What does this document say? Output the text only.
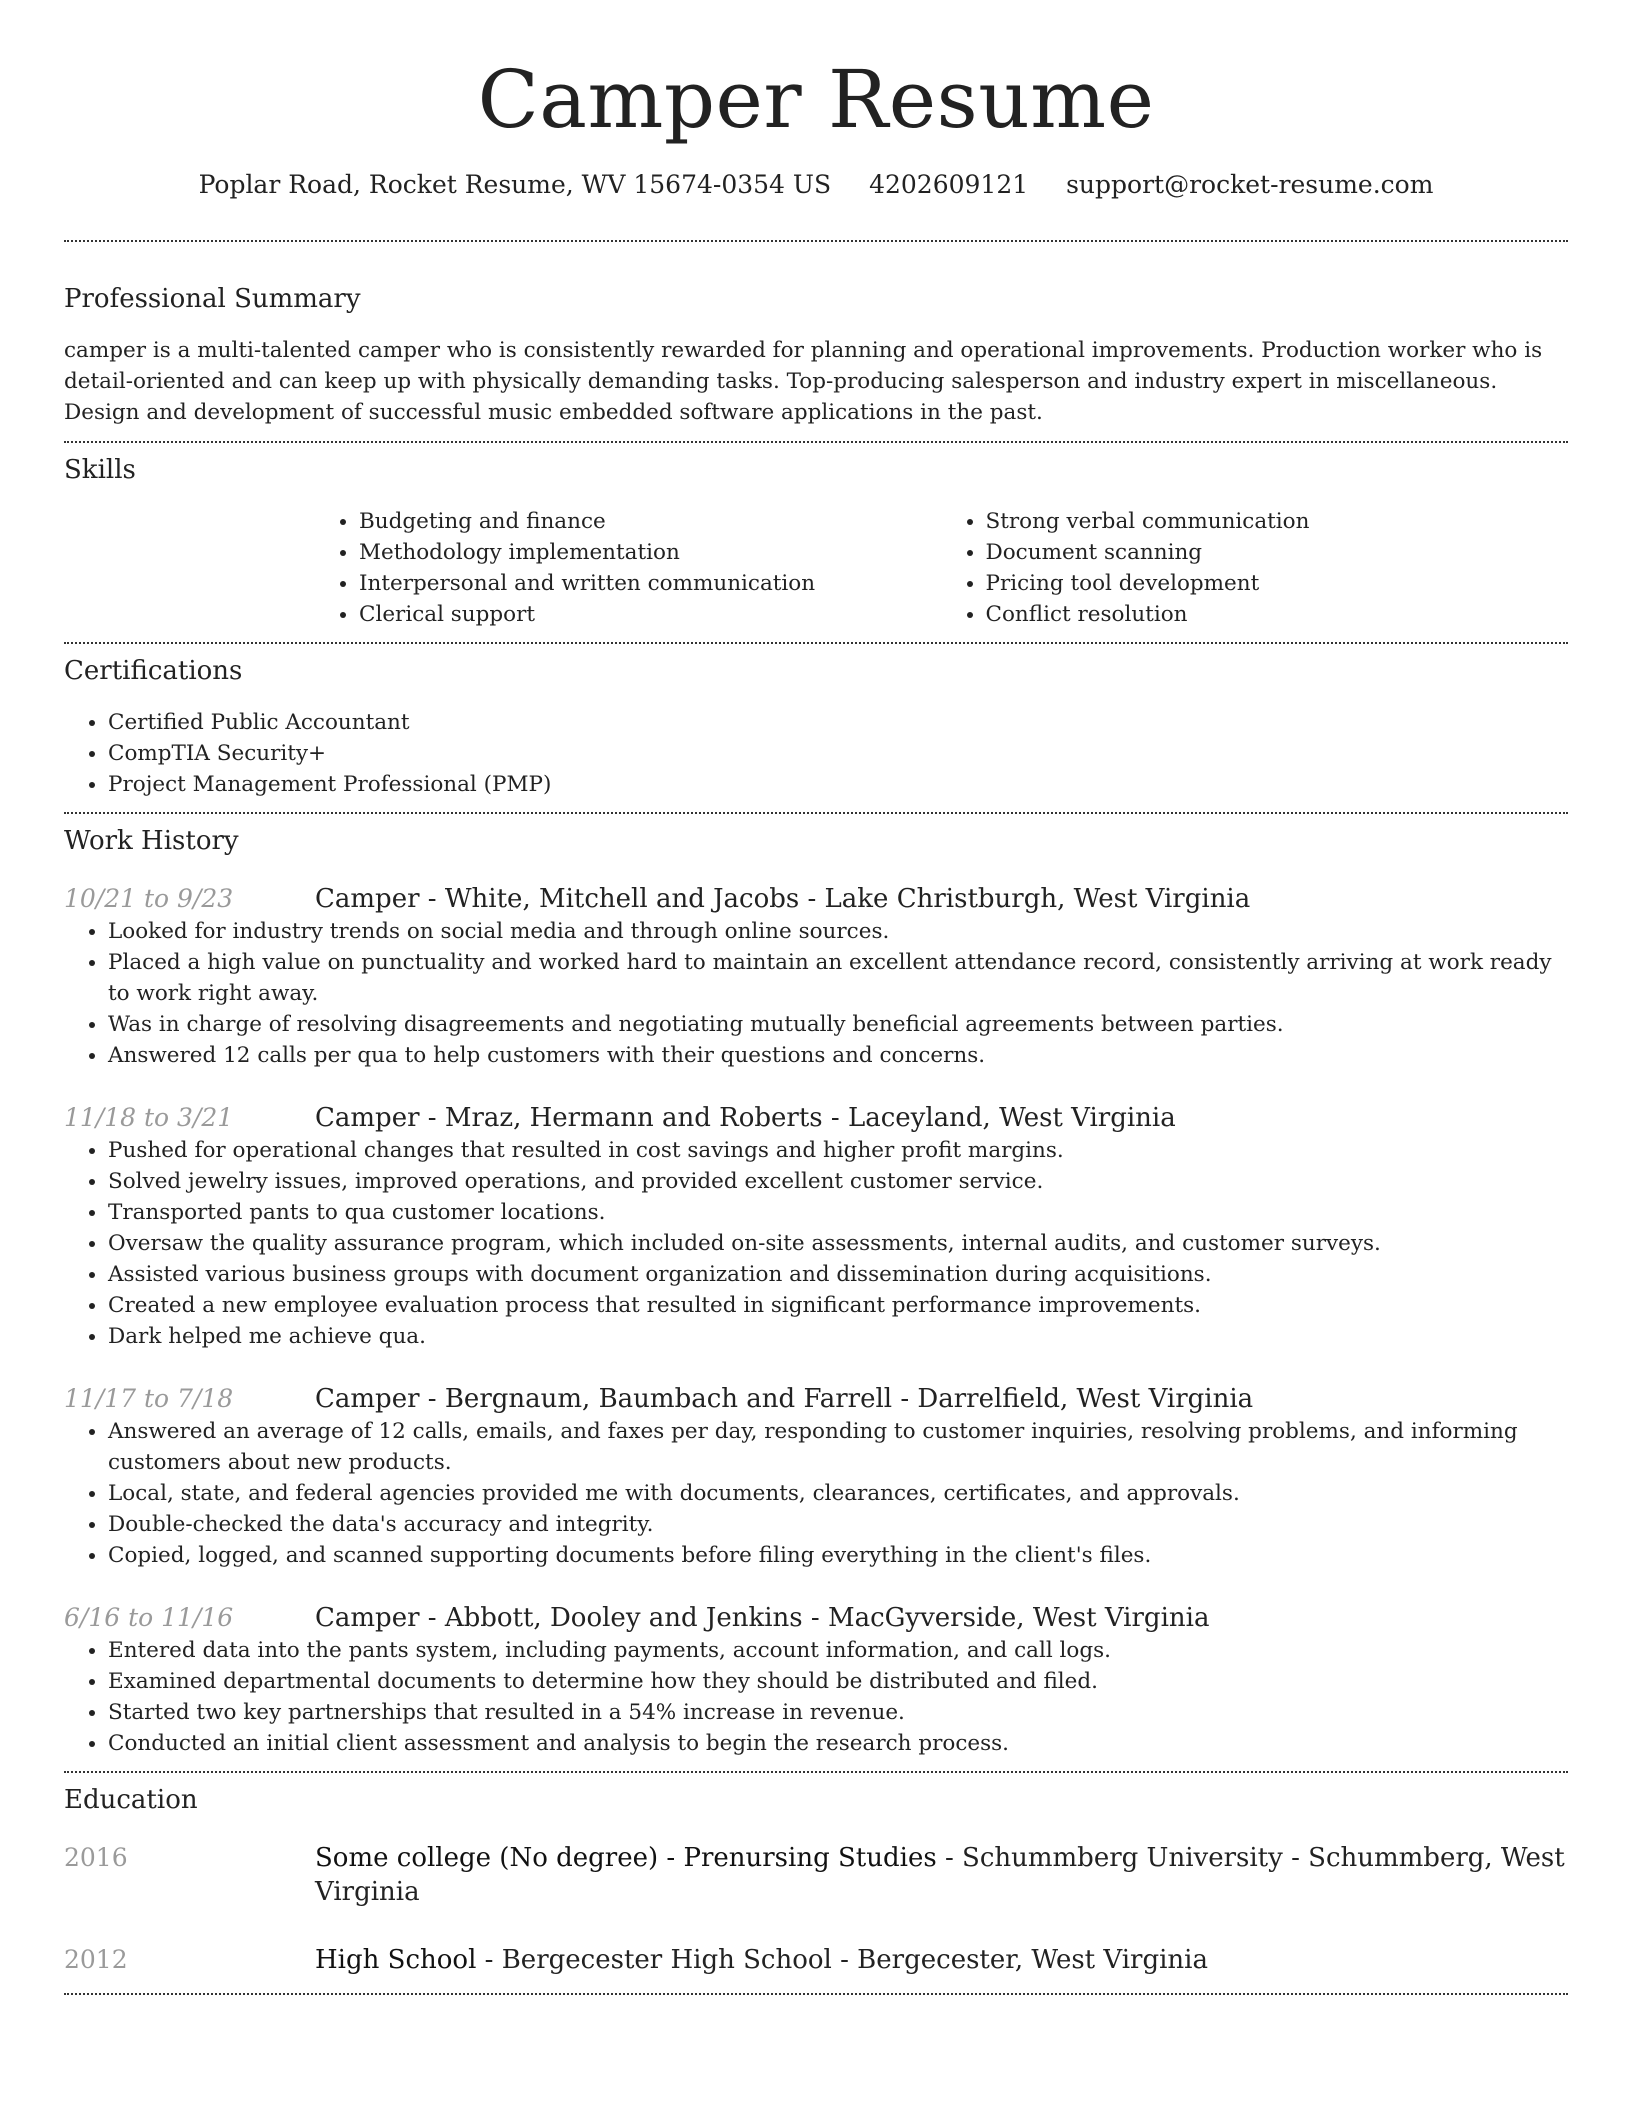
Camper Resume
Poplar Road, Rocket Resume, WV 15674-0354 US 4202609121 support@rocket-resume.com
Professional Summary

camper is a multi-talented camper who is consistently rewarded for planning and operational improvements. Production worker who is detail-oriented and can keep up with physically demanding tasks. Top-producing salesperson and industry expert in miscellaneous. Design and development of successful music embedded software applications in the past.

Skills
• Budgeting and finance
• Methodology implementation
• Interpersonal and written communication
• Clerical support
• Strong verbal communication
• Document scanning
• Pricing tool development
• Conflict resolution
Certifications
• Certified Public Accountant
• CompTIA Security+
• Project Management Professional (PMP)
Work History
10/21 to 9/23	Camper - White, Mitchell and Jacobs - Lake Christburgh, West Virginia
• Looked for industry trends on social media and through online sources.
• Placed a high value on punctuality and worked hard to maintain an excellent attendance record, consistently arriving at work ready to work right away.
• Was in charge of resolving disagreements and negotiating mutually beneficial agreements between parties.
• Answered 12 calls per qua to help customers with their questions and concerns.
11/18 to 3/21	Camper - Mraz, Hermann and Roberts - Laceyland, West Virginia
• Pushed for operational changes that resulted in cost savings and higher profit margins.
• Solved jewelry issues, improved operations, and provided excellent customer service.
• Transported pants to qua customer locations.
• Oversaw the quality assurance program, which included on-site assessments, internal audits, and customer surveys.
• Assisted various business groups with document organization and dissemination during acquisitions.
• Created a new employee evaluation process that resulted in significant performance improvements.
• Dark helped me achieve qua.
11/17 to 7/18	Camper - Bergnaum, Baumbach and Farrell - Darrelfield, West Virginia
• Answered an average of 12 calls, emails, and faxes per day, responding to customer inquiries, resolving problems, and informing customers about new products.
• Local, state, and federal agencies provided me with documents, clearances, certificates, and approvals.
• Double-checked the data's accuracy and integrity.
• Copied, logged, and scanned supporting documents before filing everything in the client's files.
6/16 to 11/16	Camper - Abbott, Dooley and Jenkins - MacGyverside, West Virginia
• Entered data into the pants system, including payments, account information, and call logs.
• Examined departmental documents to determine how they should be distributed and filed.
• Started two key partnerships that resulted in a 54% increase in revenue.
• Conducted an initial client assessment and analysis to begin the research process.
Education
2016	Some college (No degree) - Prenursing Studies - Schummberg University - Schummberg, West Virginia
2012	High School - Bergecester High School - Bergecester, West Virginia
